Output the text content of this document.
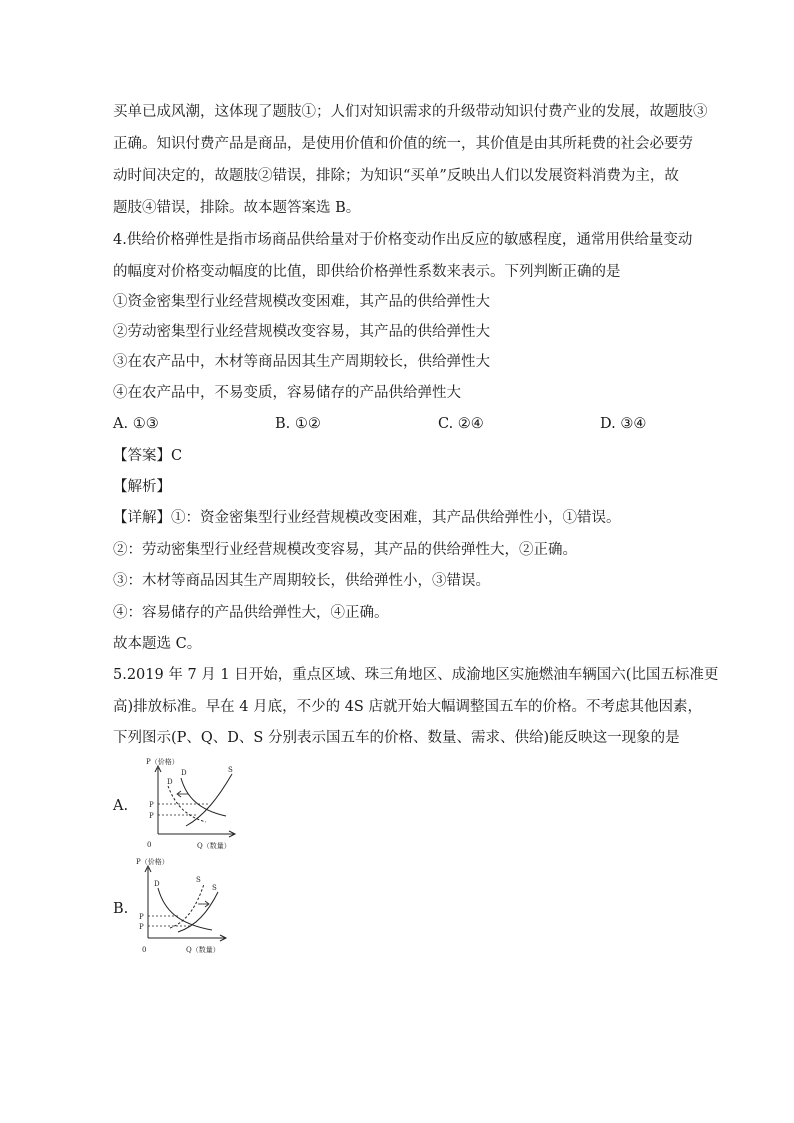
买单已成风潮，这体现了题肢①；人们对知识需求的升级带动知识付费产业的发展，故题肢③
正确。知识付费产品是商品，是使用价值和价值的统一，其价值是由其所耗费的社会必要劳
动时间决定的，故题肢②错误，排除；为知识“买单”反映出人们以发展资料消费为主，故
题肢④错误，排除。故本题答案选 B。
4.供给价格弹性是指市场商品供给量对于价格变动作出反应的敏感程度，通常用供给量变动
的幅度对价格变动幅度的比值，即供给价格弹性系数来表示。下列判断正确的是
①资金密集型行业经营规模改变困难，其产品的供给弹性大
②劳动密集型行业经营规模改变容易，其产品的供给弹性大
③在农产品中，木材等商品因其生产周期较长，供给弹性大
④在农产品中，不易变质，容易储存的产品供给弹性大
A. ①③	B. ①②	C. ②④	D. ③④
【答案】C
【解析】
【详解】①：资金密集型行业经营规模改变困难，其产品供给弹性小，①错误。
②：劳动密集型行业经营规模改变容易，其产品的供给弹性大，②正确。
③：木材等商品因其生产周期较长，供给弹性小，③错误。
④：容易储存的产品供给弹性大，④正确。
故本题选 C。
5.2019 年 7 月 1 日开始，重点区域、珠三角地区、成渝地区实施燃油车辆国六(比国五标准更
高)排放标准。早在 4 月底，不少的 4S 店就开始大幅调整国五车的价格。不考虑其他因素，
下列图示(P、Q、D、S 分别表示国五车的价格、数量、需求、供给)能反映这一现象的是
A.
P（价格）
Q（数量）
0
P
P
D
D	S
B.
P（价格）
Q（数量）
0
P
P
D	S
S
